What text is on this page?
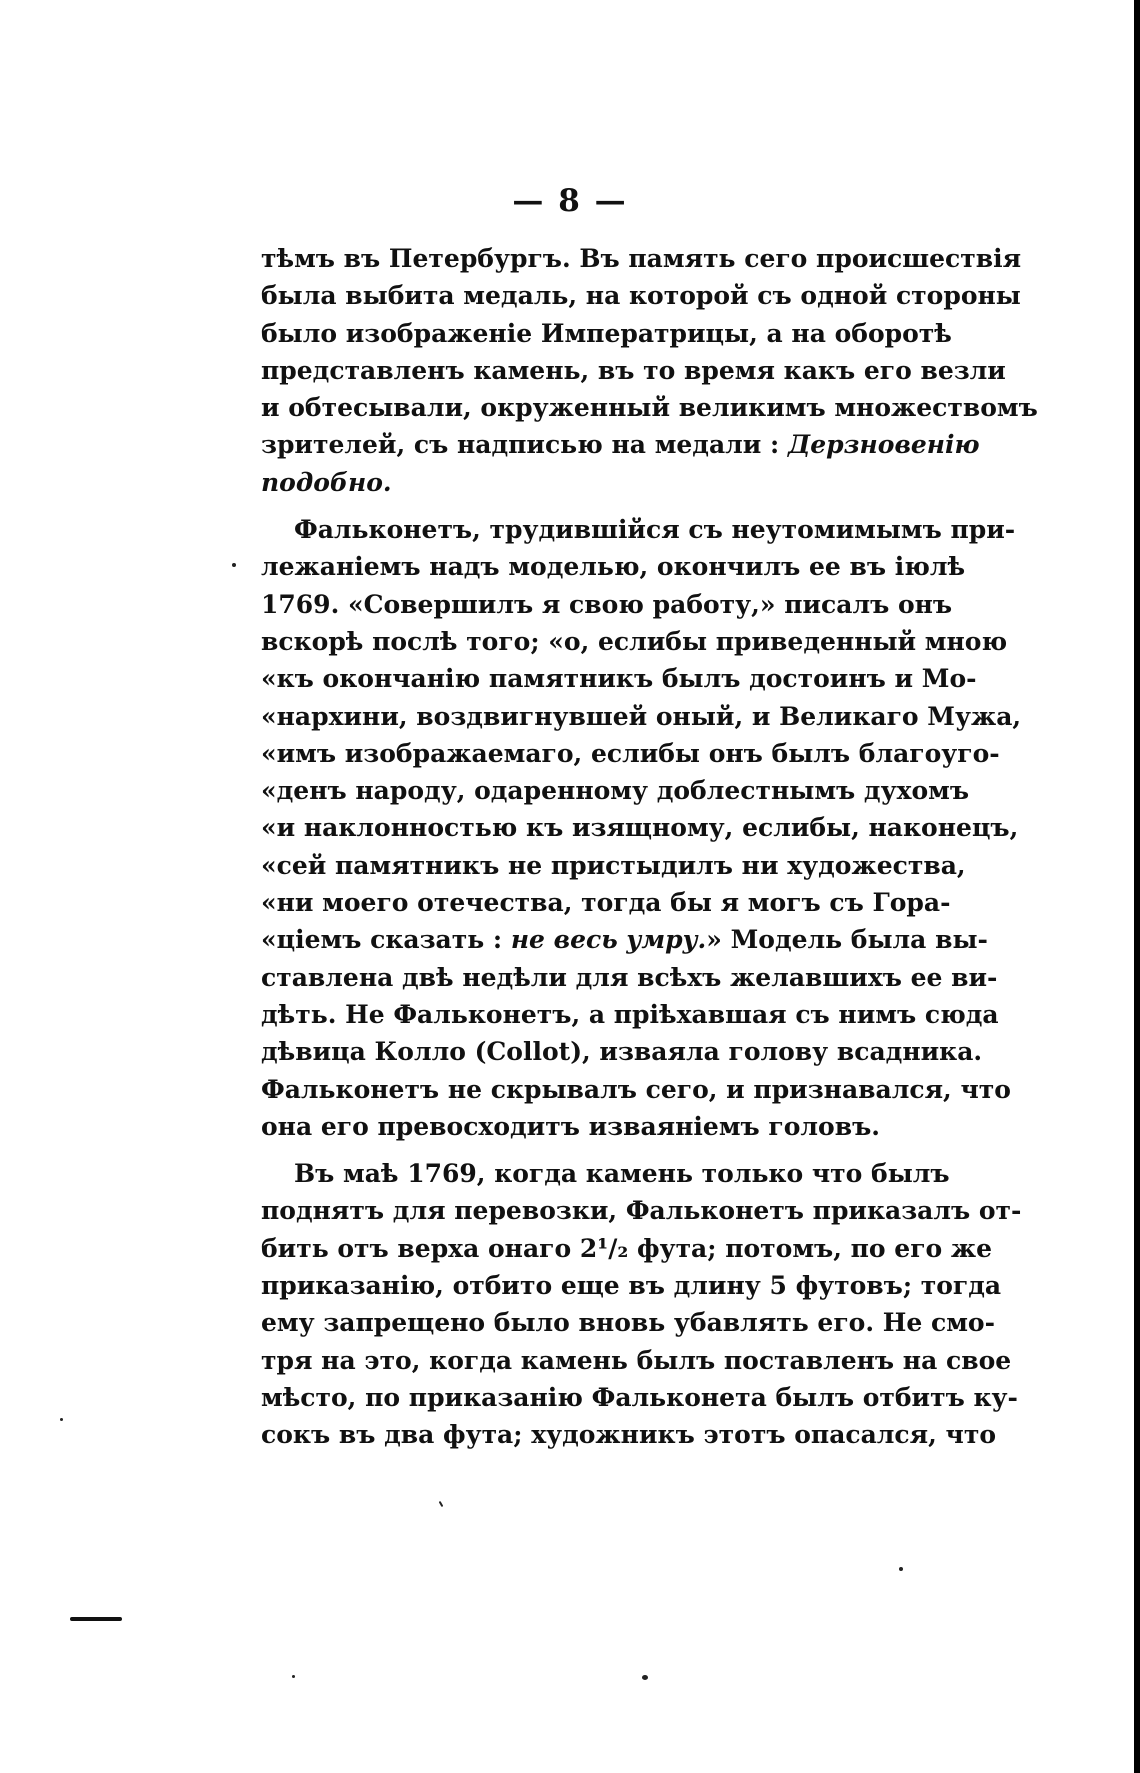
— 8 —
тѣмъ въ Петербургъ. Въ память сего происшествія
была выбита медаль, на которой съ одной стороны
было изображеніе Императрицы, а на оборотѣ
представленъ камень, въ то время какъ его везли
и обтесывали, окруженный великимъ множествомъ
зрителей, съ надписью на медали : Дерзновенію
подобно.
Фальконетъ, трудившійся съ неутомимымъ при-
лежаніемъ надъ моделью, окончилъ ее въ іюлѣ
1769. «Совершилъ я свою работу,» писалъ онъ
вскорѣ послѣ того; «о, еслибы приведенный мною
«къ окончанію памятникъ былъ достоинъ и Мо-
«нархини, воздвигнувшей оный, и Великаго Мужа,
«имъ изображаемаго, еслибы онъ былъ благоуго-
«денъ народу, одаренному доблестнымъ духомъ
«и наклонностью къ изящному, еслибы, наконецъ,
«сей памятникъ не пристыдилъ ни художества,
«ни моего отечества, тогда бы я могъ съ Гора-
«ціемъ сказать : не весь умру.» Модель была вы-
ставлена двѣ недѣли для всѣхъ желавшихъ ее ви-
дѣть. Не Фальконетъ, а пріѣхавшая съ нимъ сюда
дѣвица Колло (Collot), изваяла голову всадника.
Фальконетъ не скрывалъ сего, и признавался, что
она его превосходитъ изваяніемъ головъ.
Въ маѣ 1769, когда камень только что былъ
поднятъ для перевозки, Фальконетъ приказалъ от-
бить отъ верха онаго 2¹/₂ фута; потомъ, по его же
приказанію, отбито еще въ длину 5 футовъ; тогда
ему запрещено было вновь убавлять его. Не смо-
тря на это, когда камень былъ поставленъ на свое
мѣсто, по приказанію Фальконета былъ отбитъ ку-
сокъ въ два фута; художникъ этотъ опасался, что
